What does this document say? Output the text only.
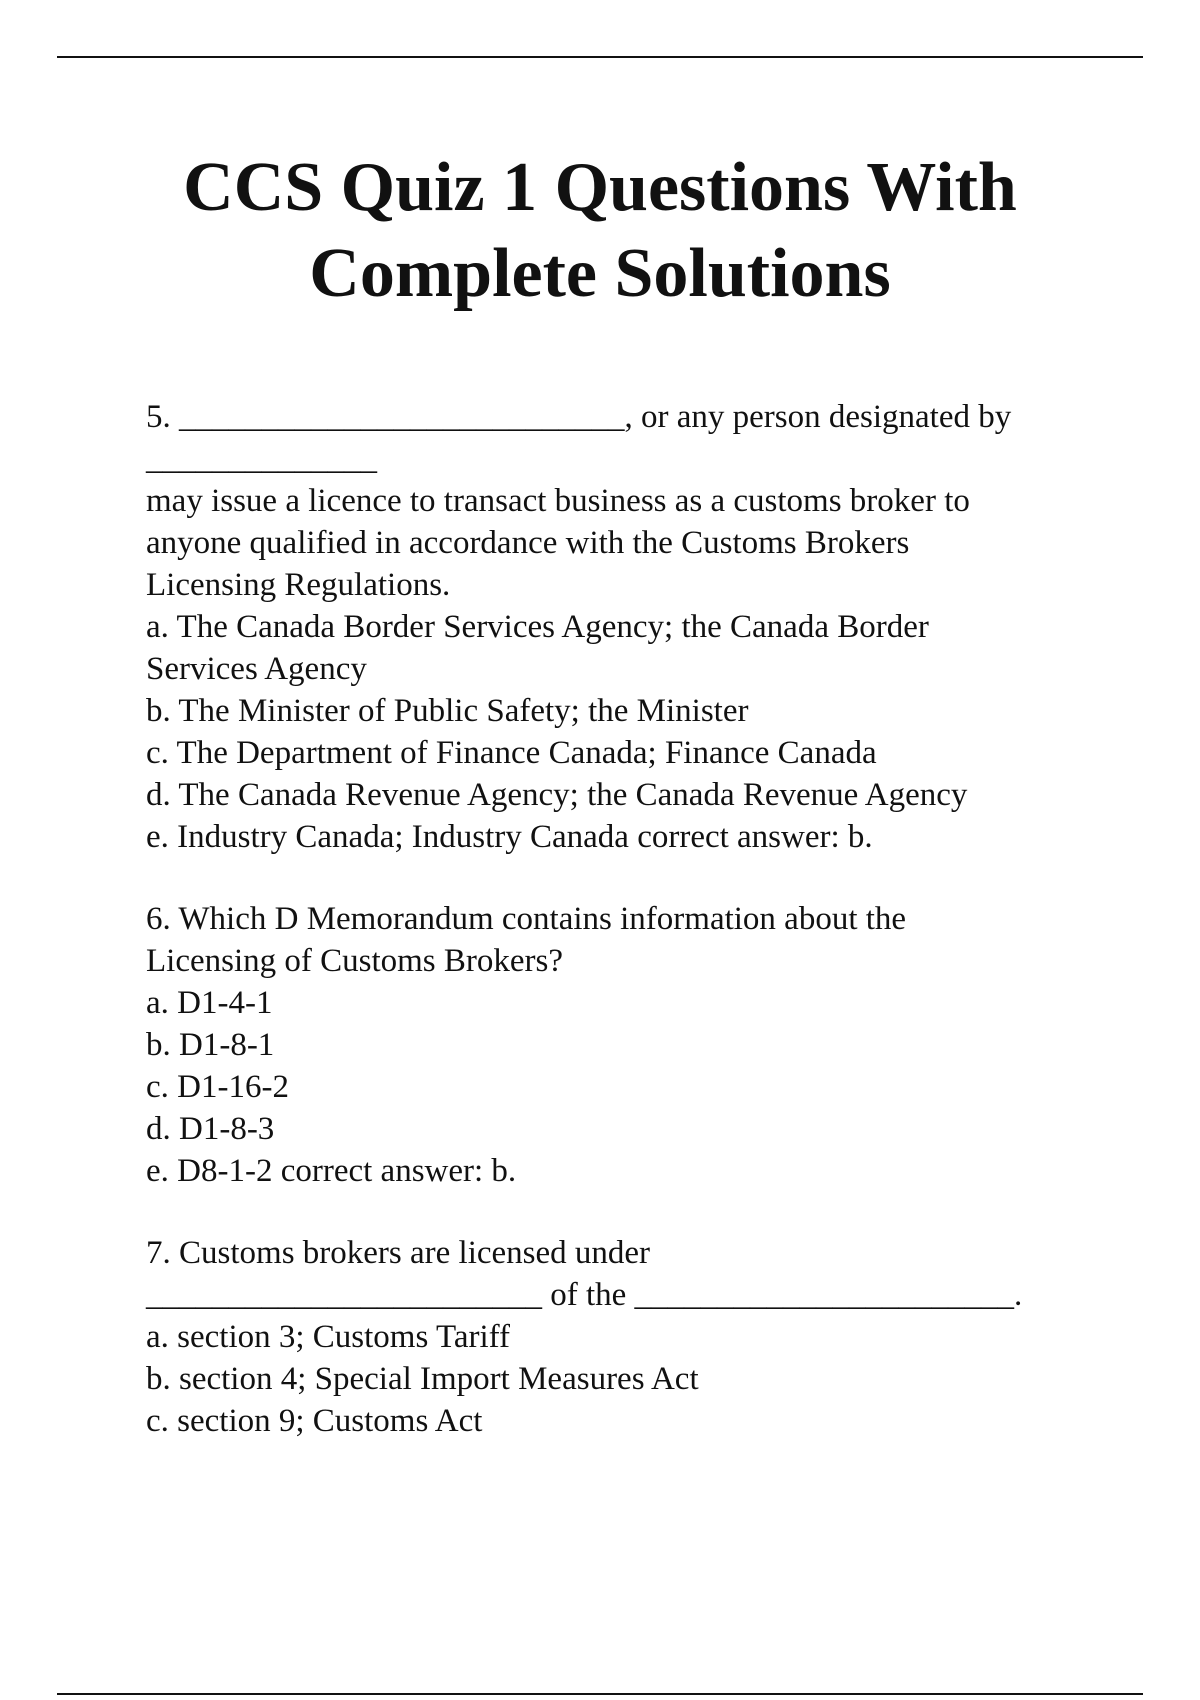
CCS Quiz 1 Questions With
Complete Solutions
5. ___________________________, or any person designated by
______________
may issue a licence to transact business as a customs broker to
anyone qualified in accordance with the Customs Brokers
Licensing Regulations.
a. The Canada Border Services Agency; the Canada Border
Services Agency
b. The Minister of Public Safety; the Minister
c. The Department of Finance Canada; Finance Canada
d. The Canada Revenue Agency; the Canada Revenue Agency
e. Industry Canada; Industry Canada correct answer: b.
6. Which D Memorandum contains information about the
Licensing of Customs Brokers?
a. D1-4-1
b. D1-8-1
c. D1-16-2
d. D1-8-3
e. D8-1-2 correct answer: b.
7. Customs brokers are licensed under
________________________ of the _______________________.
a. section 3; Customs Tariff
b. section 4; Special Import Measures Act
c. section 9; Customs Act
